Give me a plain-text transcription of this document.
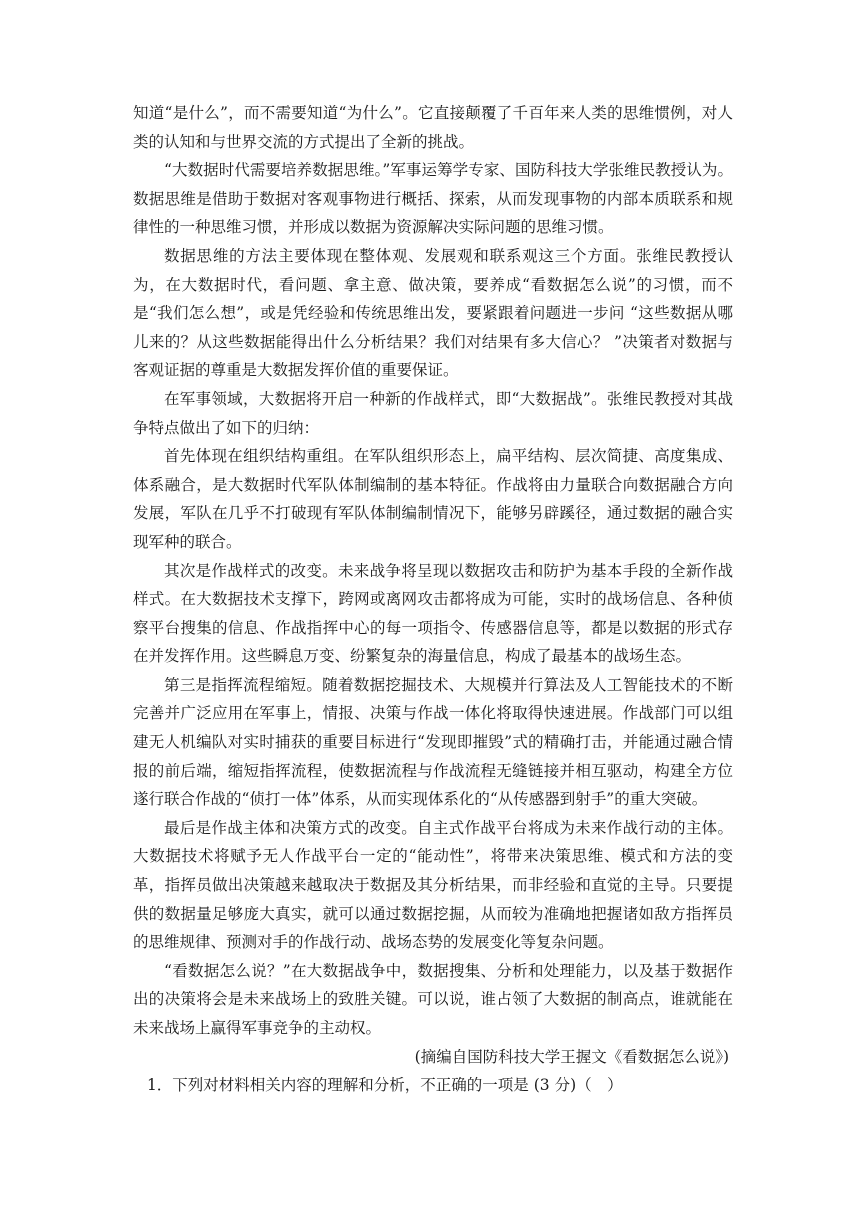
知道“是什么”，而不需要知道“为什么”。它直接颠覆了千百年来人类的思维惯例，对人类的认知和与世界交流的方式提出了全新的挑战。

“大数据时代需要培养数据思维。”军事运筹学专家、国防科技大学张维民教授认为。数据思维是借助于数据对客观事物进行概括、探索，从而发现事物的内部本质联系和规律性的一种思维习惯，并形成以数据为资源解决实际问题的思维习惯。

数据思维的方法主要体现在整体观、发展观和联系观这三个方面。张维民教授认为，在大数据时代，看问题、拿主意、做决策，要养成“看数据怎么说”的习惯，而不是“我们怎么想”，或是凭经验和传统思维出发，要紧跟着问题进一步问 “这些数据从哪儿来的？从这些数据能得出什么分析结果？我们对结果有多大信心？ ”决策者对数据与客观证据的尊重是大数据发挥价值的重要保证。

在军事领域，大数据将开启一种新的作战样式，即“大数据战”。张维民教授对其战争特点做出了如下的归纳：

首先体现在组织结构重组。在军队组织形态上，扁平结构、层次简捷、高度集成、体系融合，是大数据时代军队体制编制的基本特征。作战将由力量联合向数据融合方向发展，军队在几乎不打破现有军队体制编制情况下，能够另辟蹊径，通过数据的融合实现军种的联合。

其次是作战样式的改变。未来战争将呈现以数据攻击和防护为基本手段的全新作战样式。在大数据技术支撑下，跨网或离网攻击都将成为可能，实时的战场信息、各种侦察平台搜集的信息、作战指挥中心的每一项指令、传感器信息等，都是以数据的形式存在并发挥作用。这些瞬息万变、纷繁复杂的海量信息，构成了最基本的战场生态。

第三是指挥流程缩短。随着数据挖掘技术、大规模并行算法及人工智能技术的不断完善并广泛应用在军事上，情报、决策与作战一体化将取得快速进展。作战部门可以组建无人机编队对实时捕获的重要目标进行“发现即摧毁”式的精确打击，并能通过融合情报的前后端，缩短指挥流程，使数据流程与作战流程无缝链接并相互驱动，构建全方位遂行联合作战的“侦打一体”体系，从而实现体系化的“从传感器到射手”的重大突破。

最后是作战主体和决策方式的改变。自主式作战平台将成为未来作战行动的主体。大数据技术将赋予无人作战平台一定的“能动性”，将带来决策思维、模式和方法的变革，指挥员做出决策越来越取决于数据及其分析结果，而非经验和直觉的主导。只要提供的数据量足够庞大真实，就可以通过数据挖掘，从而较为准确地把握诸如敌方指挥员的思维规律、预测对手的作战行动、战场态势的发展变化等复杂问题。

“看数据怎么说？”在大数据战争中，数据搜集、分析和处理能力，以及基于数据作出的决策将会是未来战场上的致胜关键。可以说，谁占领了大数据的制高点，谁就能在未来战场上赢得军事竞争的主动权。

(摘编自国防科技大学王握文《看数据怎么说》)

1．下列对材料相关内容的理解和分析，不正确的一项是 (3 分)（　）
